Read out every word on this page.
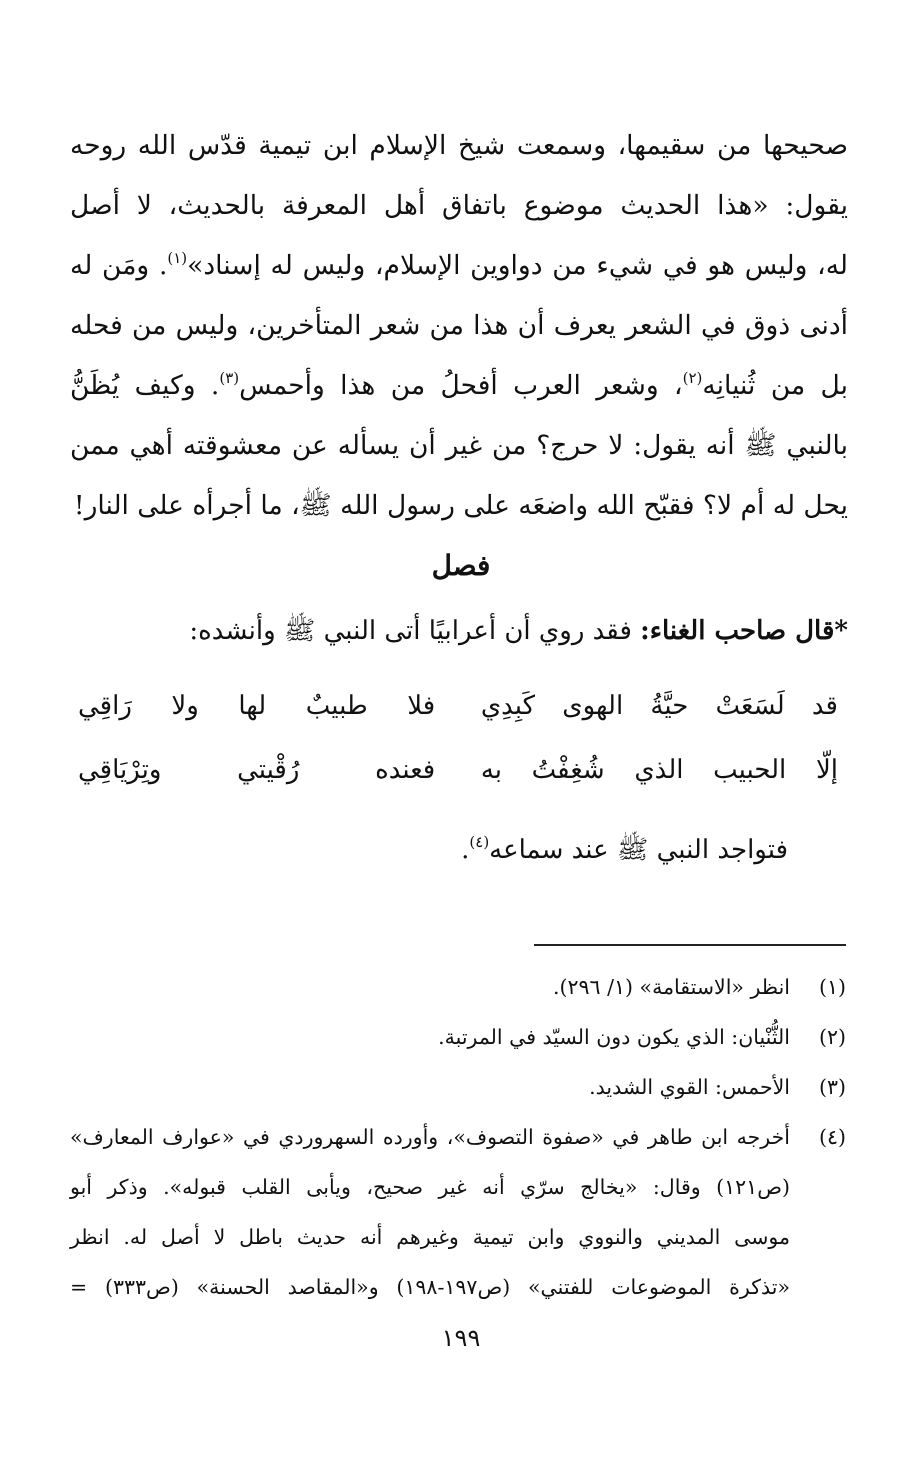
صحيحها من سقيمها، وسمعت شيخ الإسلام ابن تيمية قدّس الله روحه
يقول: «هذا الحديث موضوع باتفاق أهل المعرفة بالحديث، لا أصل
له، وليس هو في شيء من دواوين الإسلام، وليس له إسناد»$^{(١)}$. ومَن له
أدنى ذوق في الشعر يعرف أن هذا من شعر المتأخرين، وليس من فحله
بل من ثُنيانِه$^{(٢)}$، وشعر العرب أفحلُ من هذا وأحمس$^{(٣)}$. وكيف يُظَنُّ
بالنبي ﷺ أنه يقول: لا حرج؟ من غير أن يسأله عن معشوقته أهي ممن
يحل له أم لا؟ فقبّح الله واضعَه على رسول الله ﷺ، ما أجرأه على النار!
فصل
*قال صاحب الغناء: فقد روي أن أعرابيًا أتى النبي ﷺ وأنشده:
قد لَسَعَتْ حيَّةُ الهوى كَبِدِي
فلا طبيبٌ لها ولا رَاقِي
إلّا الحبيب الذي شُغِفْتُ به
فعنده رُقْيتي وتِرْيَاقِي
فتواجد النبي ﷺ عند سماعه$^{(٤)}$.
(١)
انظر «الاستقامة» (١/ ٢٩٦).
(٢)
الثُّنْيان: الذي يكون دون السيّد في المرتبة.
(٣)
الأحمس: القوي الشديد.
(٤)
أخرجه ابن طاهر في «صفوة التصوف»، وأورده السهروردي في «عوارف المعارف»
(ص١٢١) وقال: «يخالج سرّي أنه غير صحيح، ويأبى القلب قبوله». وذكر أبو
موسى المديني والنووي وابن تيمية وغيرهم أنه حديث باطل لا أصل له. انظر
«تذكرة الموضوعات للفتني» (ص١٩٧-١٩٨) و«المقاصد الحسنة» (ص٣٣٣) =
١٩٩
